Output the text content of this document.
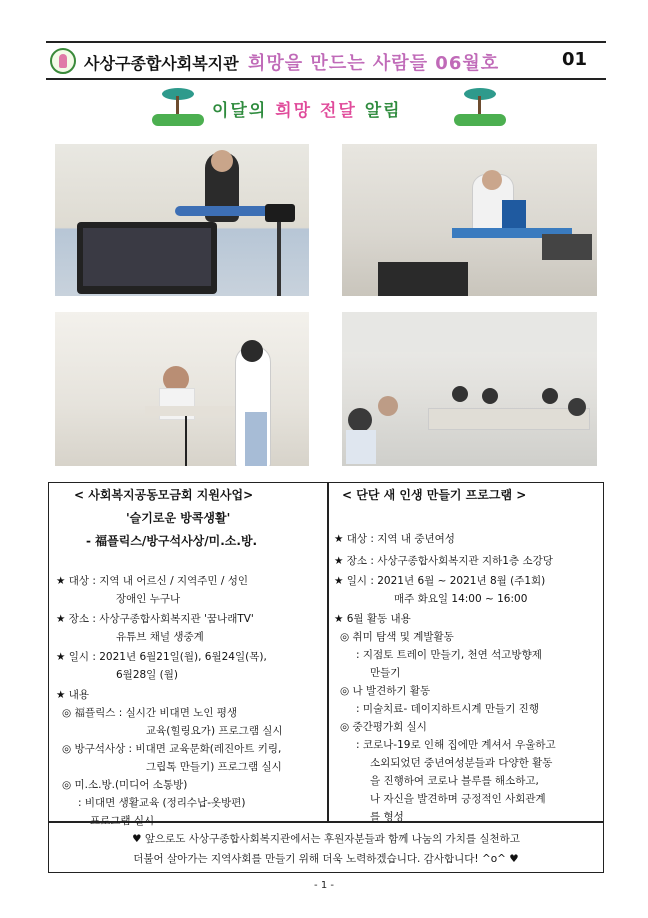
사상구종합사회복지관 희망을 만드는 사람들 06월호	01
이달의 희망 전달 알림
< 사회복지공동모금회 지원사업>
'슬기로운 방콕생활'
- 福플릭스/방구석사상/미.소.방.
★ 대상 : 지역 내 어르신 / 지역주민 / 성인
장애인 누구나
★ 장소 : 사상구종합사회복지관 '꿈나래TV'
유튜브 채널 생중계
★ 일시 : 2021년 6월21일(월), 6월24일(목),
6월28일 (월)
★ 내용
◎ 福플릭스 : 실시간 비대면 노인 평생
교육(힐링요가) 프로그램 실시
◎ 방구석사상 : 비대면 교육문화(레진아트 키링,
그립톡 만들기) 프로그램 실시
◎ 미.소.방.(미디어 소통방)
: 비대면 생활교육 (정리수납-옷방편)
프로그램 실시
< 단단 새 인생 만들기 프로그램 >
★ 대상 : 지역 내 중년여성
★ 장소 : 사상구종합사회복지관 지하1층 소강당
★ 일시 : 2021년 6월 ~ 2021년 8월 (주1회)
매주 화요일 14:00 ~ 16:00
★ 6월 활동 내용
◎ 취미 탐색 및 계발활동
: 지점토 트레이 만들기, 천연 석고방향제
만들기
◎ 나 발견하기 활동
: 미술치료- 데이지하트시계 만들기 진행
◎ 중간평가회 실시
: 코로나-19로 인해 집에만 계셔서 우울하고
소외되었던 중년여성분들과 다양한 활동
을 진행하여 코로나 블루를 해소하고,
나 자신을 발견하며 긍정적인 사회관계
를 형성
♥ 앞으로도 사상구종합사회복지관에서는 후원자분들과 함께 나눔의 가치를 실천하고
더불어 살아가는 지역사회를 만들기 위해 더욱 노력하겠습니다. 감사합니다! ^o^ ♥
- 1 -
